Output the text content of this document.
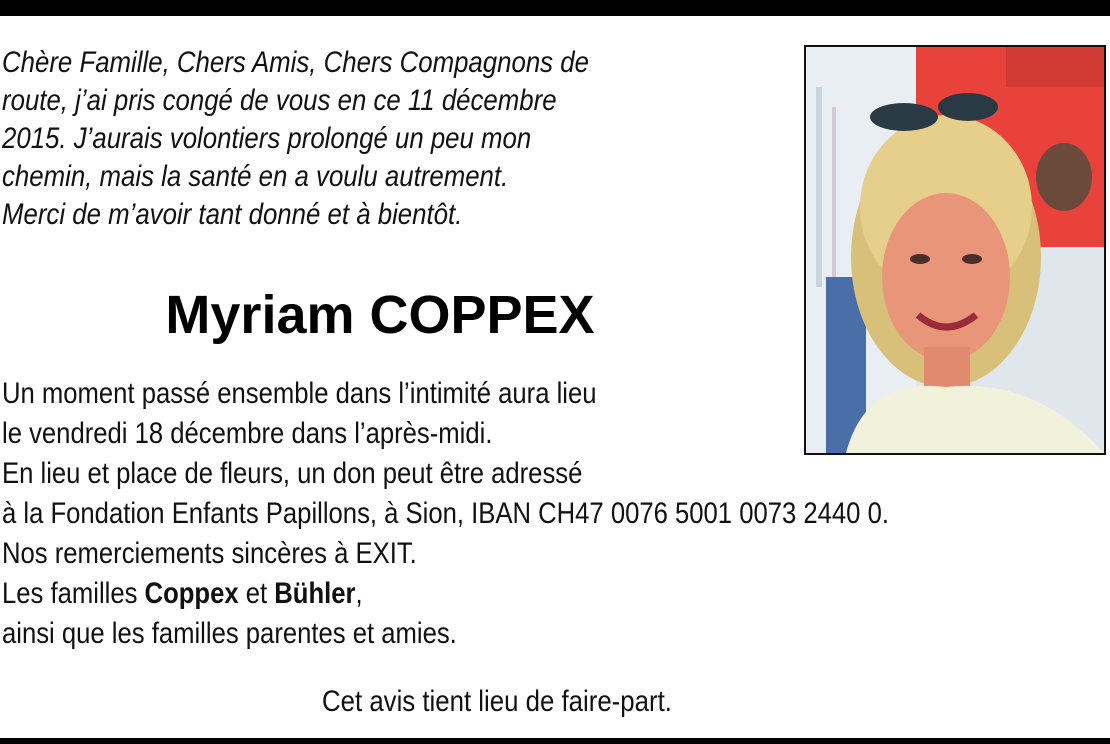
Chère Famille, Chers Amis, Chers Compagnons de
route, j’ai pris congé de vous en ce 11 décembre
2015. J’aurais volontiers prolongé un peu mon
chemin, mais la santé en a voulu autrement.
Merci de m’avoir tant donné et à bientôt.
Myriam COPPEX
Un moment passé ensemble dans l’intimité aura lieu
le vendredi 18 décembre dans l’après-midi.
En lieu et place de fleurs, un don peut être adressé
à la Fondation Enfants Papillons, à Sion, IBAN CH47 0076 5001 0073 2440 0.
Nos remerciements sincères à EXIT.
Les familles Coppex et Bühler,
ainsi que les familles parentes et amies.
Cet avis tient lieu de faire-part.
